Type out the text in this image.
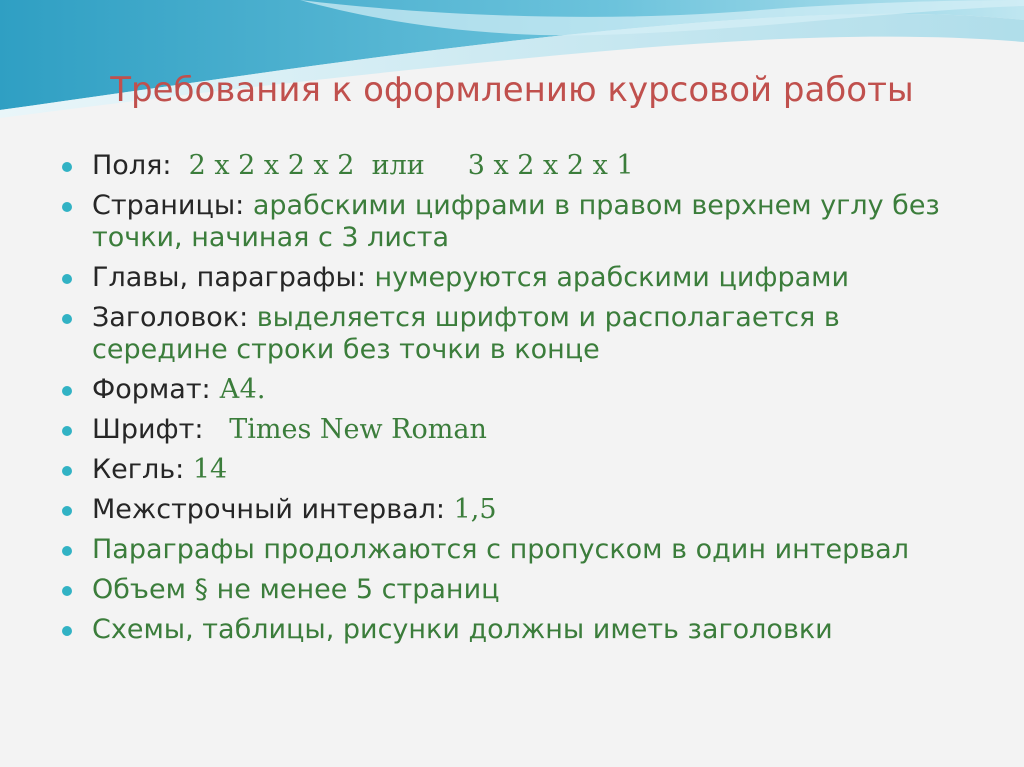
Требования к оформлению курсовой работы
Поля:  2 х 2 х 2 х 2  или     3 х 2 х 2 х 1
Страницы: арабскими цифрами в правом верхнем углу без точки, начиная с 3 листа
Главы, параграфы: нумеруются арабскими цифрами
Заголовок: выделяется шрифтом и располагается в середине строки без точки в конце
Формат: А4.
Шрифт:   Times New Roman
Кегль: 14
Межстрочный интервал: 1,5
Параграфы продолжаются с пропуском в один интервал
Объем § не менее 5 страниц
Схемы, таблицы, рисунки должны иметь заголовки
